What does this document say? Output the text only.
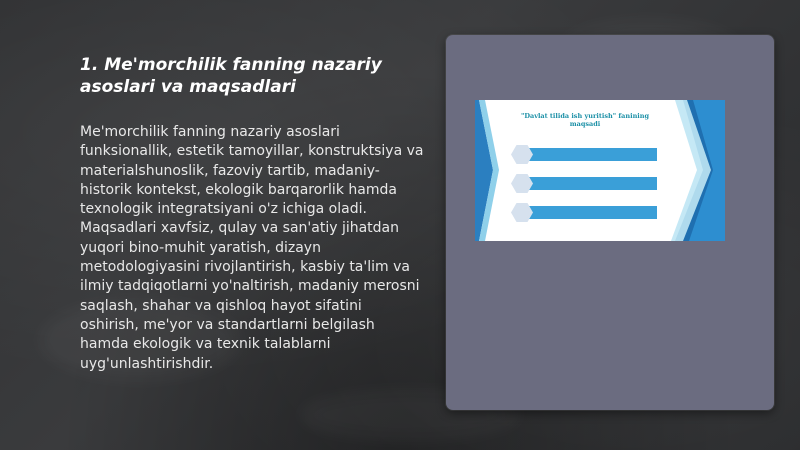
1. Me'morchilik fanning nazariy asoslari va maqsadlari

Me'morchilik fanning nazariy asoslari funksionallik, estetik tamoyillar, konstruktsiya va materialshunoslik, fazoviy tartib, madaniy-historik kontekst, ekologik barqarorlik hamda texnologik integratsiyani o'z ichiga oladi. Maqsadlari xavfsiz, qulay va san'atiy jihatdan yuqori bino-muhit yaratish, dizayn metodologiyasini rivojlantirish, kasbiy ta'lim va ilmiy tadqiqotlarni yo'naltirish, madaniy merosni saqlash, shahar va qishloq hayot sifatini oshirish, me'yor va standartlarni belgilash hamda ekologik va texnik talablarni uyg'unlashtirishdir.

"Davlat tilida ish yuritish" fanining maqsadi
